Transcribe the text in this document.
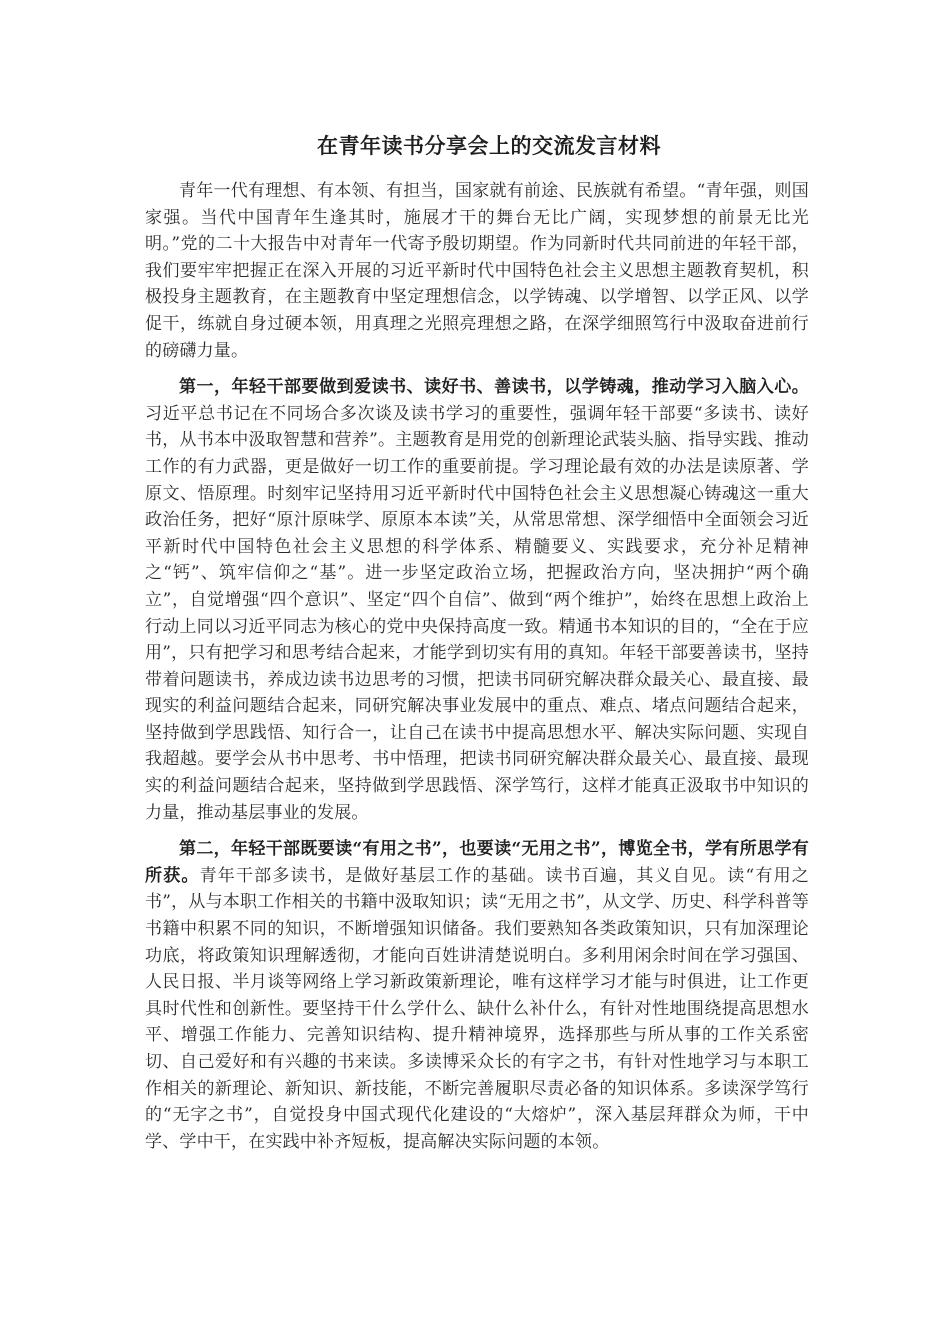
在青年读书分享会上的交流发言材料

青年一代有理想、有本领、有担当，国家就有前途、民族就有希望。“青年强，则国家强。当代中国青年生逢其时，施展才干的舞台无比广阔，实现梦想的前景无比光明。”党的二十大报告中对青年一代寄予殷切期望。作为同新时代共同前进的年轻干部，我们要牢牢把握正在深入开展的习近平新时代中国特色社会主义思想主题教育契机，积极投身主题教育，在主题教育中坚定理想信念，以学铸魂、以学增智、以学正风、以学促干，练就自身过硬本领，用真理之光照亮理想之路，在深学细照笃行中汲取奋进前行的磅礴力量。

第一，年轻干部要做到爱读书、读好书、善读书，以学铸魂，推动学习入脑入心。习近平总书记在不同场合多次谈及读书学习的重要性，强调年轻干部要“多读书、读好书，从书本中汲取智慧和营养”。主题教育是用党的创新理论武装头脑、指导实践、推动工作的有力武器，更是做好一切工作的重要前提。学习理论最有效的办法是读原著、学原文、悟原理。时刻牢记坚持用习近平新时代中国特色社会主义思想凝心铸魂这一重大政治任务，把好“原汁原味学、原原本本读”关，从常思常想、深学细悟中全面领会习近平新时代中国特色社会主义思想的科学体系、精髓要义、实践要求，充分补足精神之“钙”、筑牢信仰之“基”。进一步坚定政治立场，把握政治方向，坚决拥护“两个确立”，自觉增强“四个意识”、坚定“四个自信”、做到“两个维护”，始终在思想上政治上行动上同以习近平同志为核心的党中央保持高度一致。精通书本知识的目的，“全在于应用”，只有把学习和思考结合起来，才能学到切实有用的真知。年轻干部要善读书，坚持带着问题读书，养成边读书边思考的习惯，把读书同研究解决群众最关心、最直接、最现实的利益问题结合起来，同研究解决事业发展中的重点、难点、堵点问题结合起来，坚持做到学思践悟、知行合一，让自己在读书中提高思想水平、解决实际问题、实现自我超越。要学会从书中思考、书中悟理，把读书同研究解决群众最关心、最直接、最现实的利益问题结合起来，坚持做到学思践悟、深学笃行，这样才能真正汲取书中知识的力量，推动基层事业的发展。

第二，年轻干部既要读“有用之书”，也要读“无用之书”，博览全书，学有所思学有所获。青年干部多读书，是做好基层工作的基础。读书百遍，其义自见。读“有用之书”，从与本职工作相关的书籍中汲取知识；读“无用之书”，从文学、历史、科学科普等书籍中积累不同的知识，不断增强知识储备。我们要熟知各类政策知识，只有加深理论功底，将政策知识理解透彻，才能向百姓讲清楚说明白。多利用闲余时间在学习强国、人民日报、半月谈等网络上学习新政策新理论，唯有这样学习才能与时俱进，让工作更具时代性和创新性。要坚持干什么学什么、缺什么补什么，有针对性地围绕提高思想水平、增强工作能力、完善知识结构、提升精神境界，选择那些与所从事的工作关系密切、自己爱好和有兴趣的书来读。多读博采众长的有字之书，有针对性地学习与本职工作相关的新理论、新知识、新技能，不断完善履职尽责必备的知识体系。多读深学笃行的“无字之书”，自觉投身中国式现代化建设的“大熔炉”，深入基层拜群众为师，干中学、学中干，在实践中补齐短板，提高解决实际问题的本领。
